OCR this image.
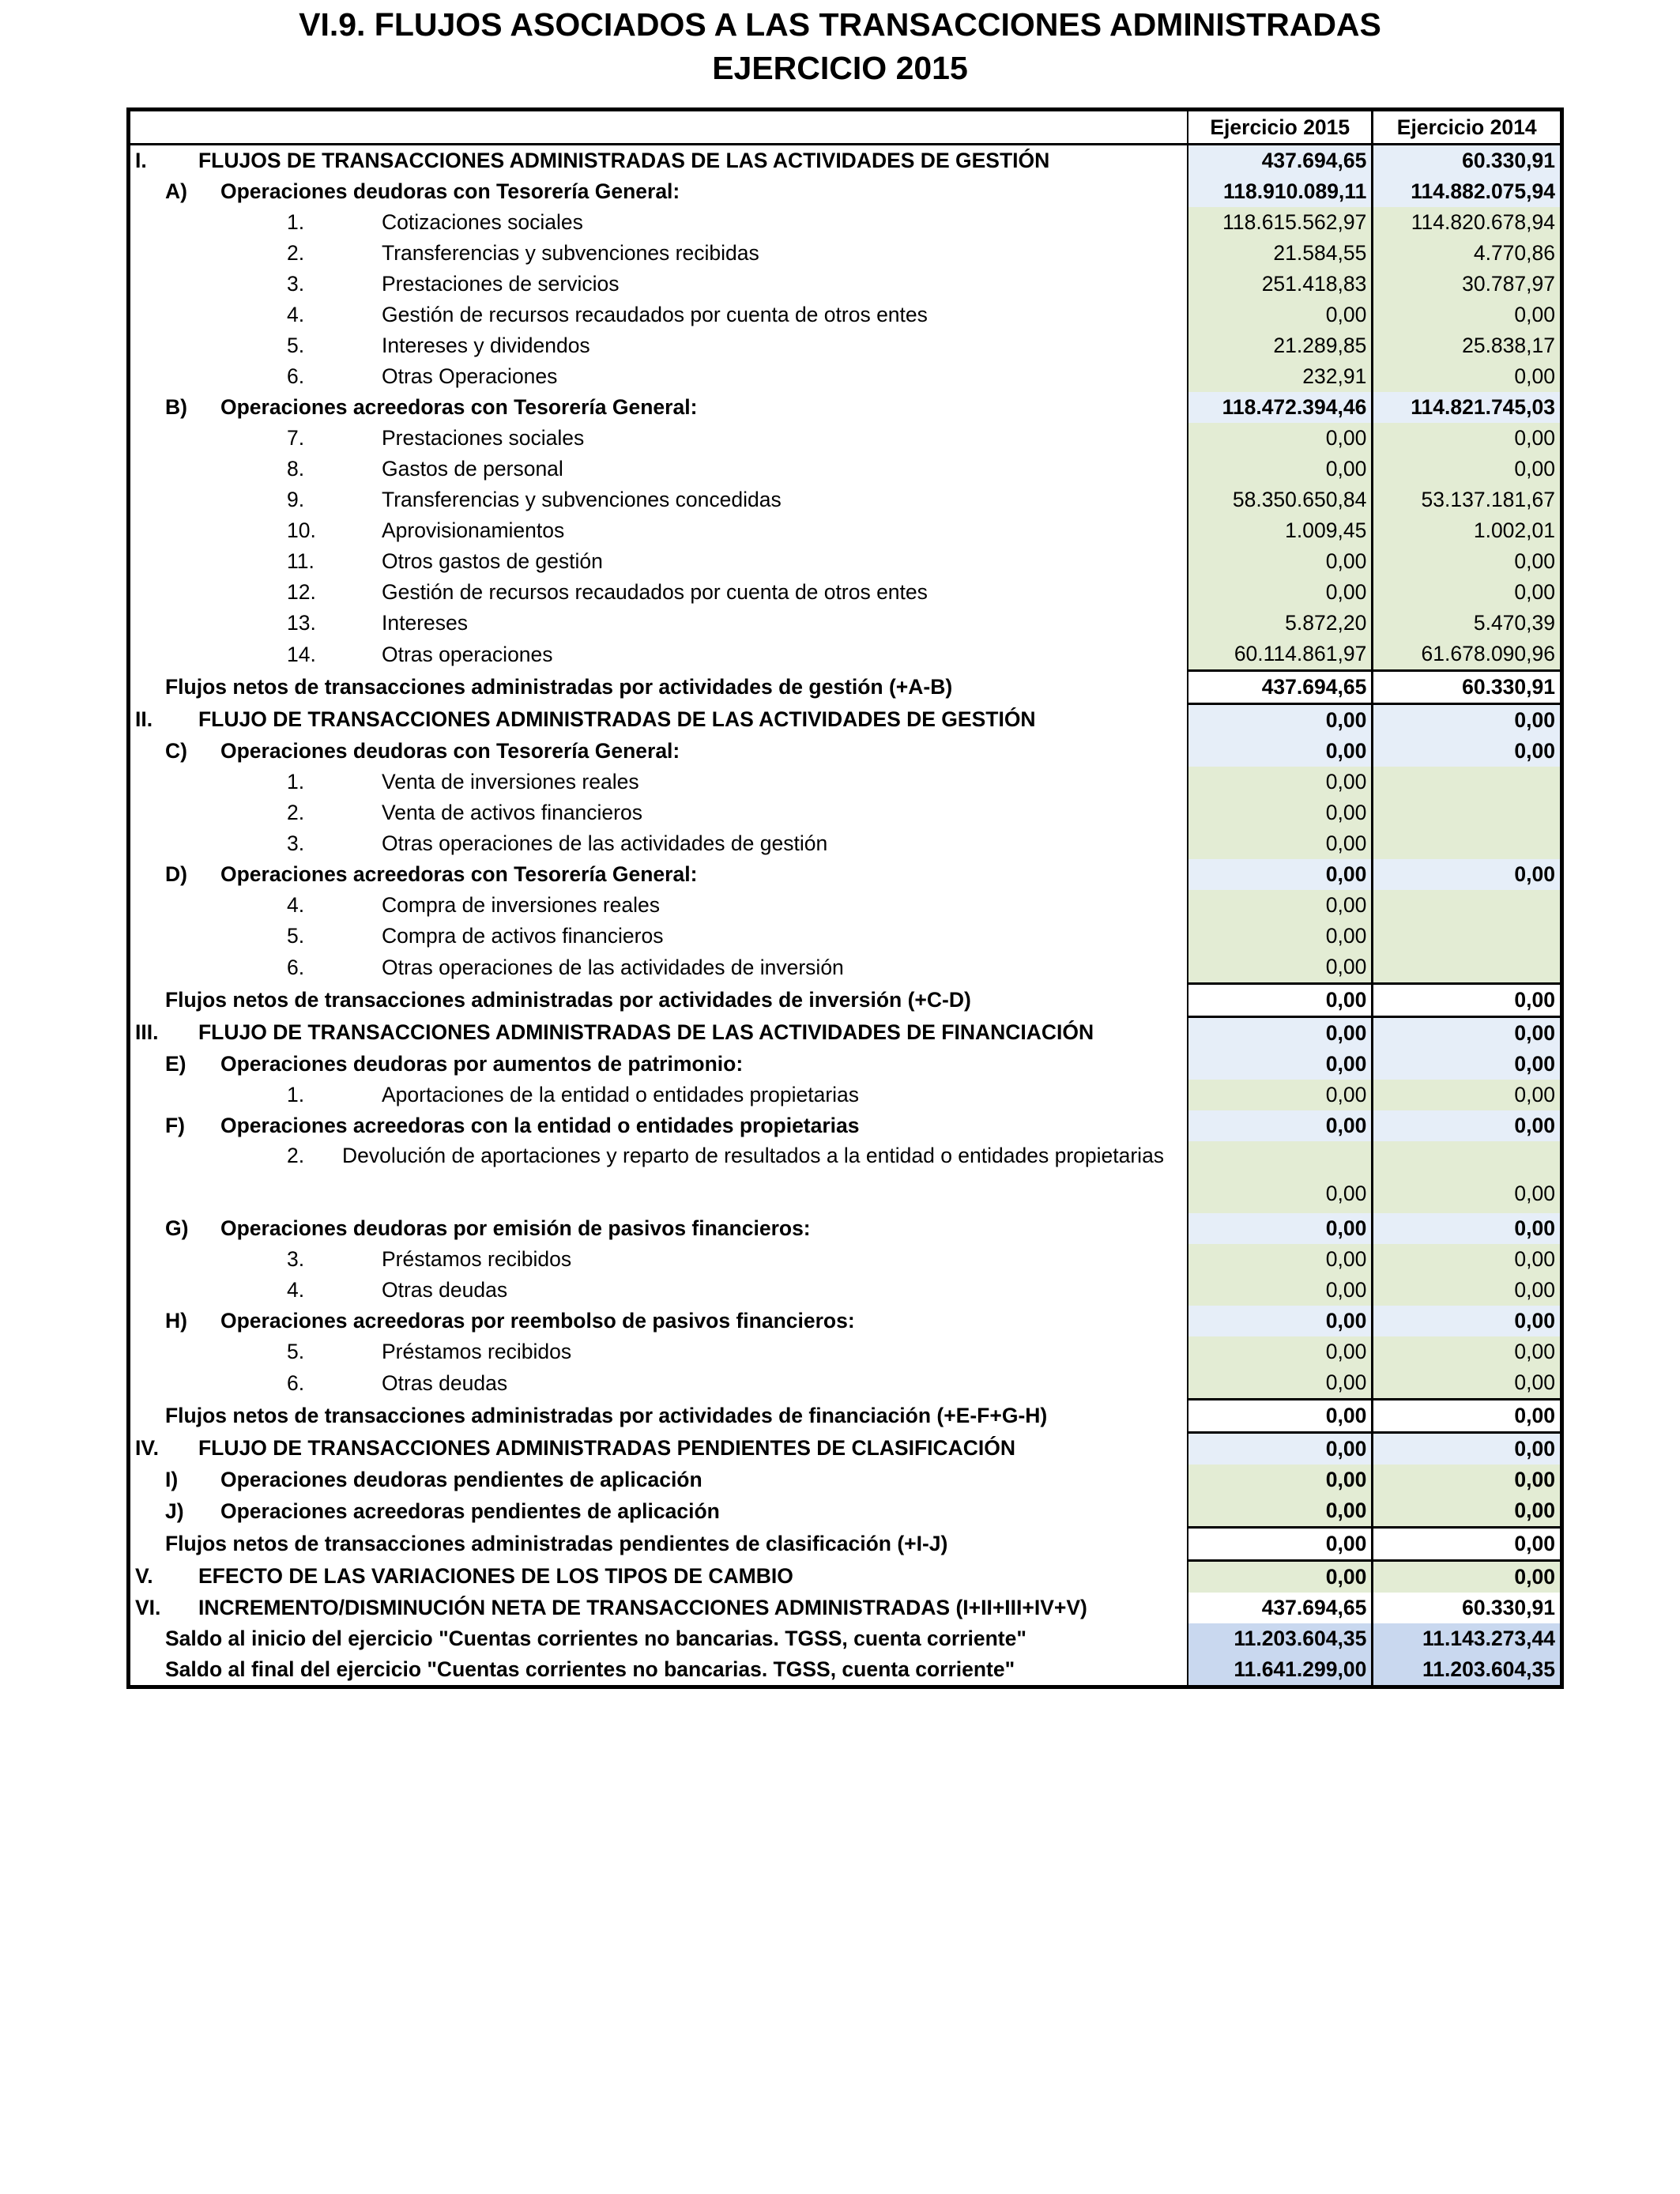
VI.9. FLUJOS ASOCIADOS A LAS TRANSACCIONES ADMINISTRADAS
EJERCICIO 2015
	Ejercicio 2015	Ejercicio 2014
I. FLUJOS DE TRANSACCIONES ADMINISTRADAS DE LAS ACTIVIDADES DE GESTIÓN	437.694,65	60.330,91
A) Operaciones deudoras con Tesorería General:	118.910.089,11	114.882.075,94
1. Cotizaciones sociales	118.615.562,97	114.820.678,94
2. Transferencias y subvenciones recibidas	21.584,55	4.770,86
3. Prestaciones de servicios	251.418,83	30.787,97
4. Gestión de recursos recaudados por cuenta de otros entes	0,00	0,00
5. Intereses y dividendos	21.289,85	25.838,17
6. Otras Operaciones	232,91	0,00
B) Operaciones acreedoras con Tesorería General:	118.472.394,46	114.821.745,03
7. Prestaciones sociales	0,00	0,00
8. Gastos de personal	0,00	0,00
9. Transferencias y subvenciones concedidas	58.350.650,84	53.137.181,67
10. Aprovisionamientos	1.009,45	1.002,01
11. Otros gastos de gestión	0,00	0,00
12. Gestión de recursos recaudados por cuenta de otros entes	0,00	0,00
13. Intereses	5.872,20	5.470,39
14. Otras operaciones	60.114.861,97	61.678.090,96
Flujos netos de transacciones administradas por actividades de gestión (+A-B)	437.694,65	60.330,91
II. FLUJO DE TRANSACCIONES ADMINISTRADAS DE LAS ACTIVIDADES DE GESTIÓN	0,00	0,00
C) Operaciones deudoras con Tesorería General:	0,00	0,00
1. Venta de inversiones reales	0,00	
2. Venta de activos financieros	0,00	
3. Otras operaciones de las actividades de gestión	0,00	
D) Operaciones acreedoras con Tesorería General:	0,00	0,00
4. Compra de inversiones reales	0,00	
5. Compra de activos financieros	0,00	
6. Otras operaciones de las actividades de inversión	0,00	
Flujos netos de transacciones administradas por actividades de inversión (+C-D)	0,00	0,00
III. FLUJO DE TRANSACCIONES ADMINISTRADAS DE LAS ACTIVIDADES DE FINANCIACIÓN	0,00	0,00
E) Operaciones deudoras por aumentos de patrimonio:	0,00	0,00
1. Aportaciones de la entidad o entidades propietarias	0,00	0,00
F) Operaciones acreedoras con la entidad o entidades propietarias	0,00	0,00
2. Devolución de aportaciones y reparto de resultados a la entidad o entidades propietarias	0,00	0,00
G) Operaciones deudoras por emisión de pasivos financieros:	0,00	0,00
3. Préstamos recibidos	0,00	0,00
4. Otras deudas	0,00	0,00
H) Operaciones acreedoras por reembolso de pasivos financieros:	0,00	0,00
5. Préstamos recibidos	0,00	0,00
6. Otras deudas	0,00	0,00
Flujos netos de transacciones administradas por actividades de financiación (+E-F+G-H)	0,00	0,00
IV. FLUJO DE TRANSACCIONES ADMINISTRADAS PENDIENTES DE CLASIFICACIÓN	0,00	0,00
I) Operaciones deudoras pendientes de aplicación	0,00	0,00
J) Operaciones acreedoras pendientes de aplicación	0,00	0,00
Flujos netos de transacciones administradas pendientes de clasificación (+I-J)	0,00	0,00
V. EFECTO DE LAS VARIACIONES DE LOS TIPOS DE CAMBIO	0,00	0,00
VI. INCREMENTO/DISMINUCIÓN NETA DE TRANSACCIONES ADMINISTRADAS (I+II+III+IV+V)	437.694,65	60.330,91
Saldo al inicio del ejercicio "Cuentas corrientes no bancarias. TGSS, cuenta corriente"	11.203.604,35	11.143.273,44
Saldo al final del ejercicio "Cuentas corrientes no bancarias. TGSS, cuenta corriente"	11.641.299,00	11.203.604,35
